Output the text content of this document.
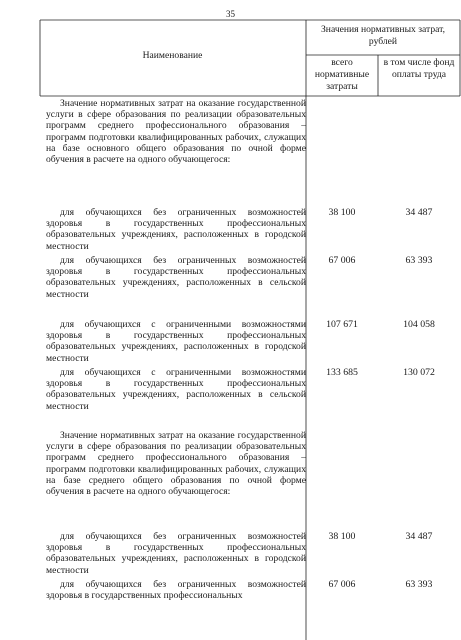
35
Наименование
Значения нормативных затрат, рублей
всего нормативные затраты
в том числе фонд оплаты труда
Значение нормативных затрат на оказание государственной услуги в сфере образования по реализации образовательных программ среднего профессионального образования – программ подготовки квалифицированных рабочих, служащих на базе основного общего образования по очной форме обучения в расчете на одного обучающегося:
для обучающихся без ограниченных возможностей здоровья в государственных профессиональных образовательных учреждениях, расположенных в городской местности
38 100	34 487
для обучающихся без ограниченных возможностей здоровья в государственных профессиональных образовательных учреждениях, расположенных в сельской местности
67 006	63 393
для обучающихся с ограниченными возможностями здоровья в государственных профессиональных образовательных учреждениях, расположенных в городской местности
107 671	104 058
для обучающихся с ограниченными возможностями здоровья в государственных профессиональных образовательных учреждениях, расположенных в сельской местности
133 685	130 072
Значение нормативных затрат на оказание государственной услуги в сфере образования по реализации образовательных программ среднего профессионального образования – программ подготовки квалифицированных рабочих, служащих на базе среднего общего образования по очной форме обучения в расчете на одного обучающегося:
для обучающихся без ограниченных возможностей здоровья в государственных профессиональных образовательных учреждениях, расположенных в городской местности
38 100	34 487
для обучающихся без ограниченных возможностей здоровья в государственных профессиональных
67 006	63 393
